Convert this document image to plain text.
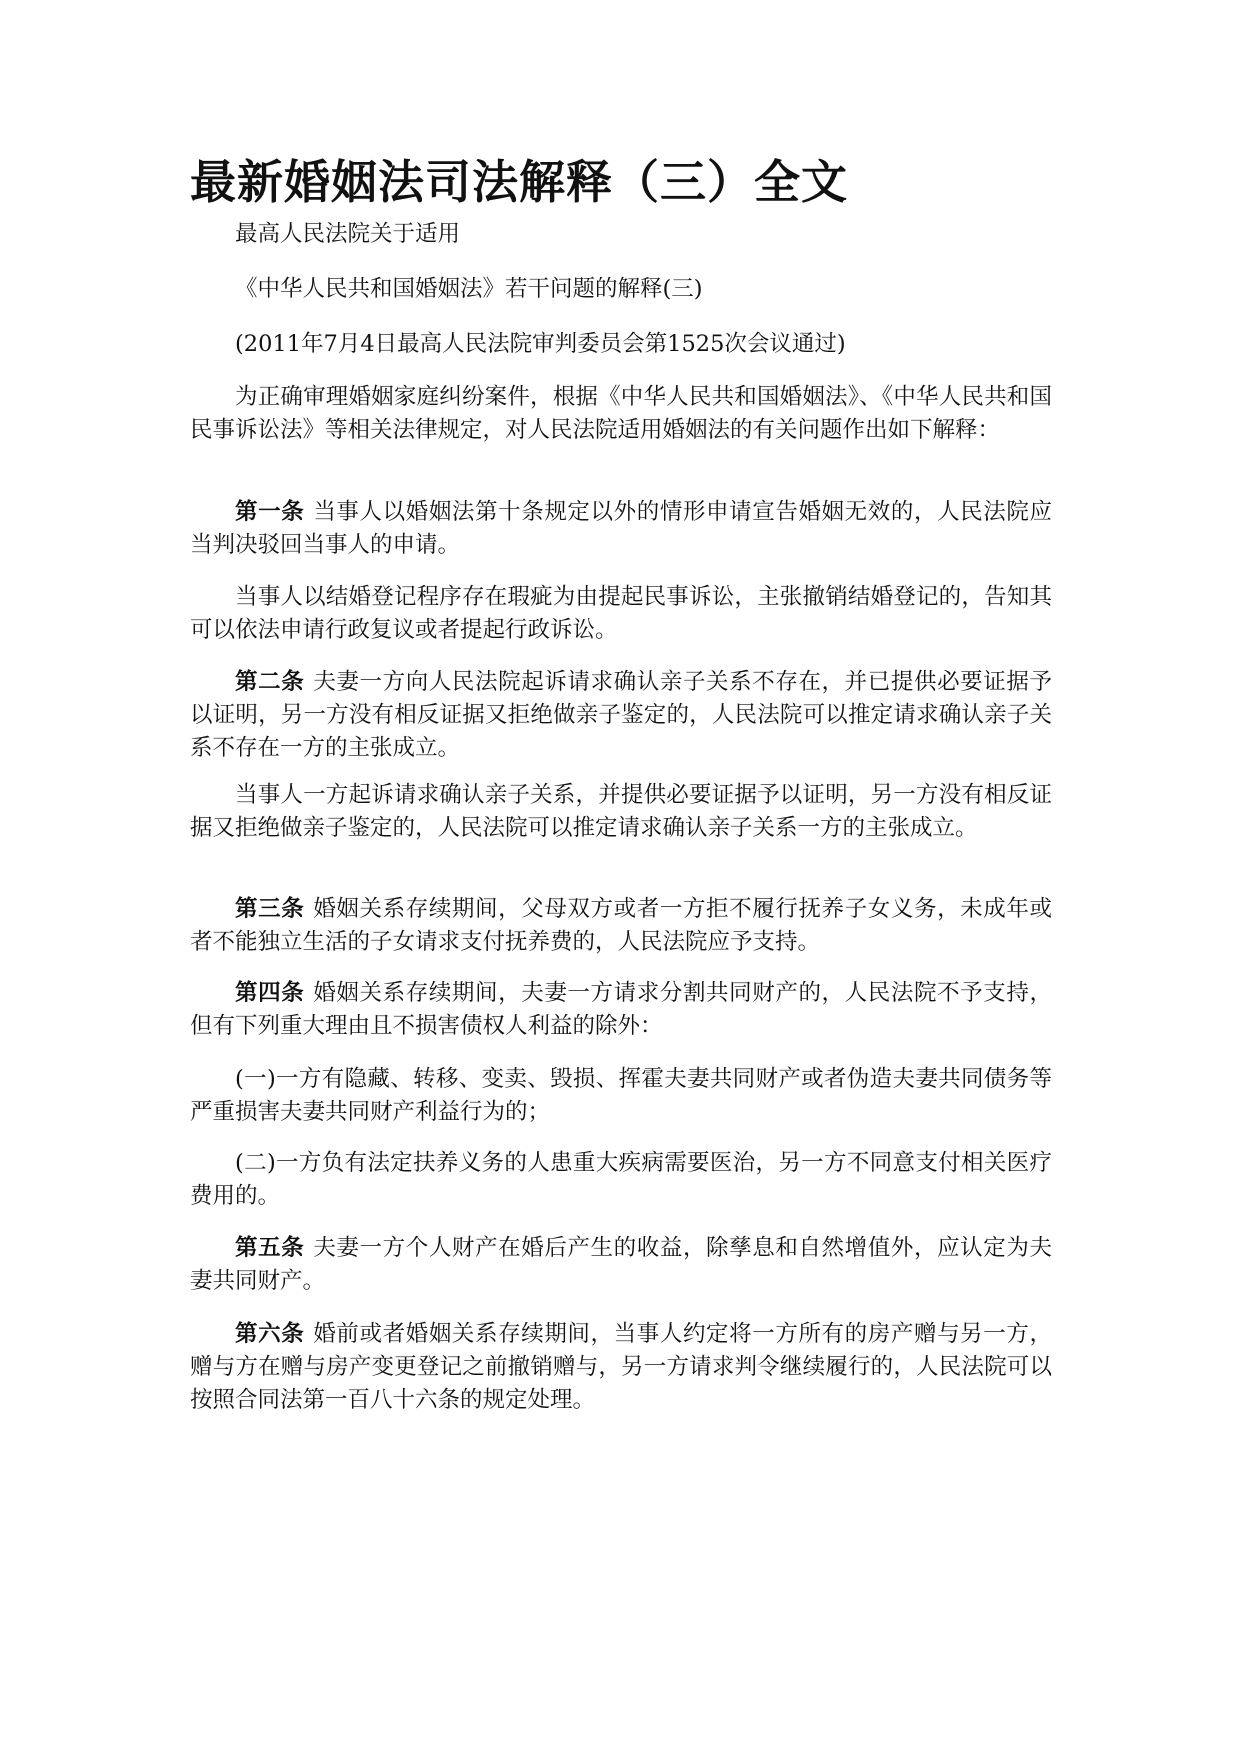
最新婚姻法司法解释（三）全文

最高人民法院关于适用

《中华人民共和国婚姻法》若干问题的解释(三)

(2011年7月4日最高人民法院审判委员会第1525次会议通过)

为正确审理婚姻家庭纠纷案件，根据《中华人民共和国婚姻法》、《中华人民共和国民事诉讼法》等相关法律规定，对人民法院适用婚姻法的有关问题作出如下解释：

第一条 当事人以婚姻法第十条规定以外的情形申请宣告婚姻无效的，人民法院应当判决驳回当事人的申请。

当事人以结婚登记程序存在瑕疵为由提起民事诉讼，主张撤销结婚登记的，告知其可以依法申请行政复议或者提起行政诉讼。

第二条 夫妻一方向人民法院起诉请求确认亲子关系不存在，并已提供必要证据予以证明，另一方没有相反证据又拒绝做亲子鉴定的，人民法院可以推定请求确认亲子关系不存在一方的主张成立。

当事人一方起诉请求确认亲子关系，并提供必要证据予以证明，另一方没有相反证据又拒绝做亲子鉴定的，人民法院可以推定请求确认亲子关系一方的主张成立。

第三条 婚姻关系存续期间，父母双方或者一方拒不履行抚养子女义务，未成年或者不能独立生活的子女请求支付抚养费的，人民法院应予支持。

第四条 婚姻关系存续期间，夫妻一方请求分割共同财产的，人民法院不予支持，但有下列重大理由且不损害债权人利益的除外：

(一)一方有隐藏、转移、变卖、毁损、挥霍夫妻共同财产或者伪造夫妻共同债务等严重损害夫妻共同财产利益行为的；

(二)一方负有法定扶养义务的人患重大疾病需要医治，另一方不同意支付相关医疗费用的。

第五条 夫妻一方个人财产在婚后产生的收益，除孳息和自然增值外，应认定为夫妻共同财产。

第六条 婚前或者婚姻关系存续期间，当事人约定将一方所有的房产赠与另一方，赠与方在赠与房产变更登记之前撤销赠与，另一方请求判令继续履行的，人民法院可以按照合同法第一百八十六条的规定处理。
